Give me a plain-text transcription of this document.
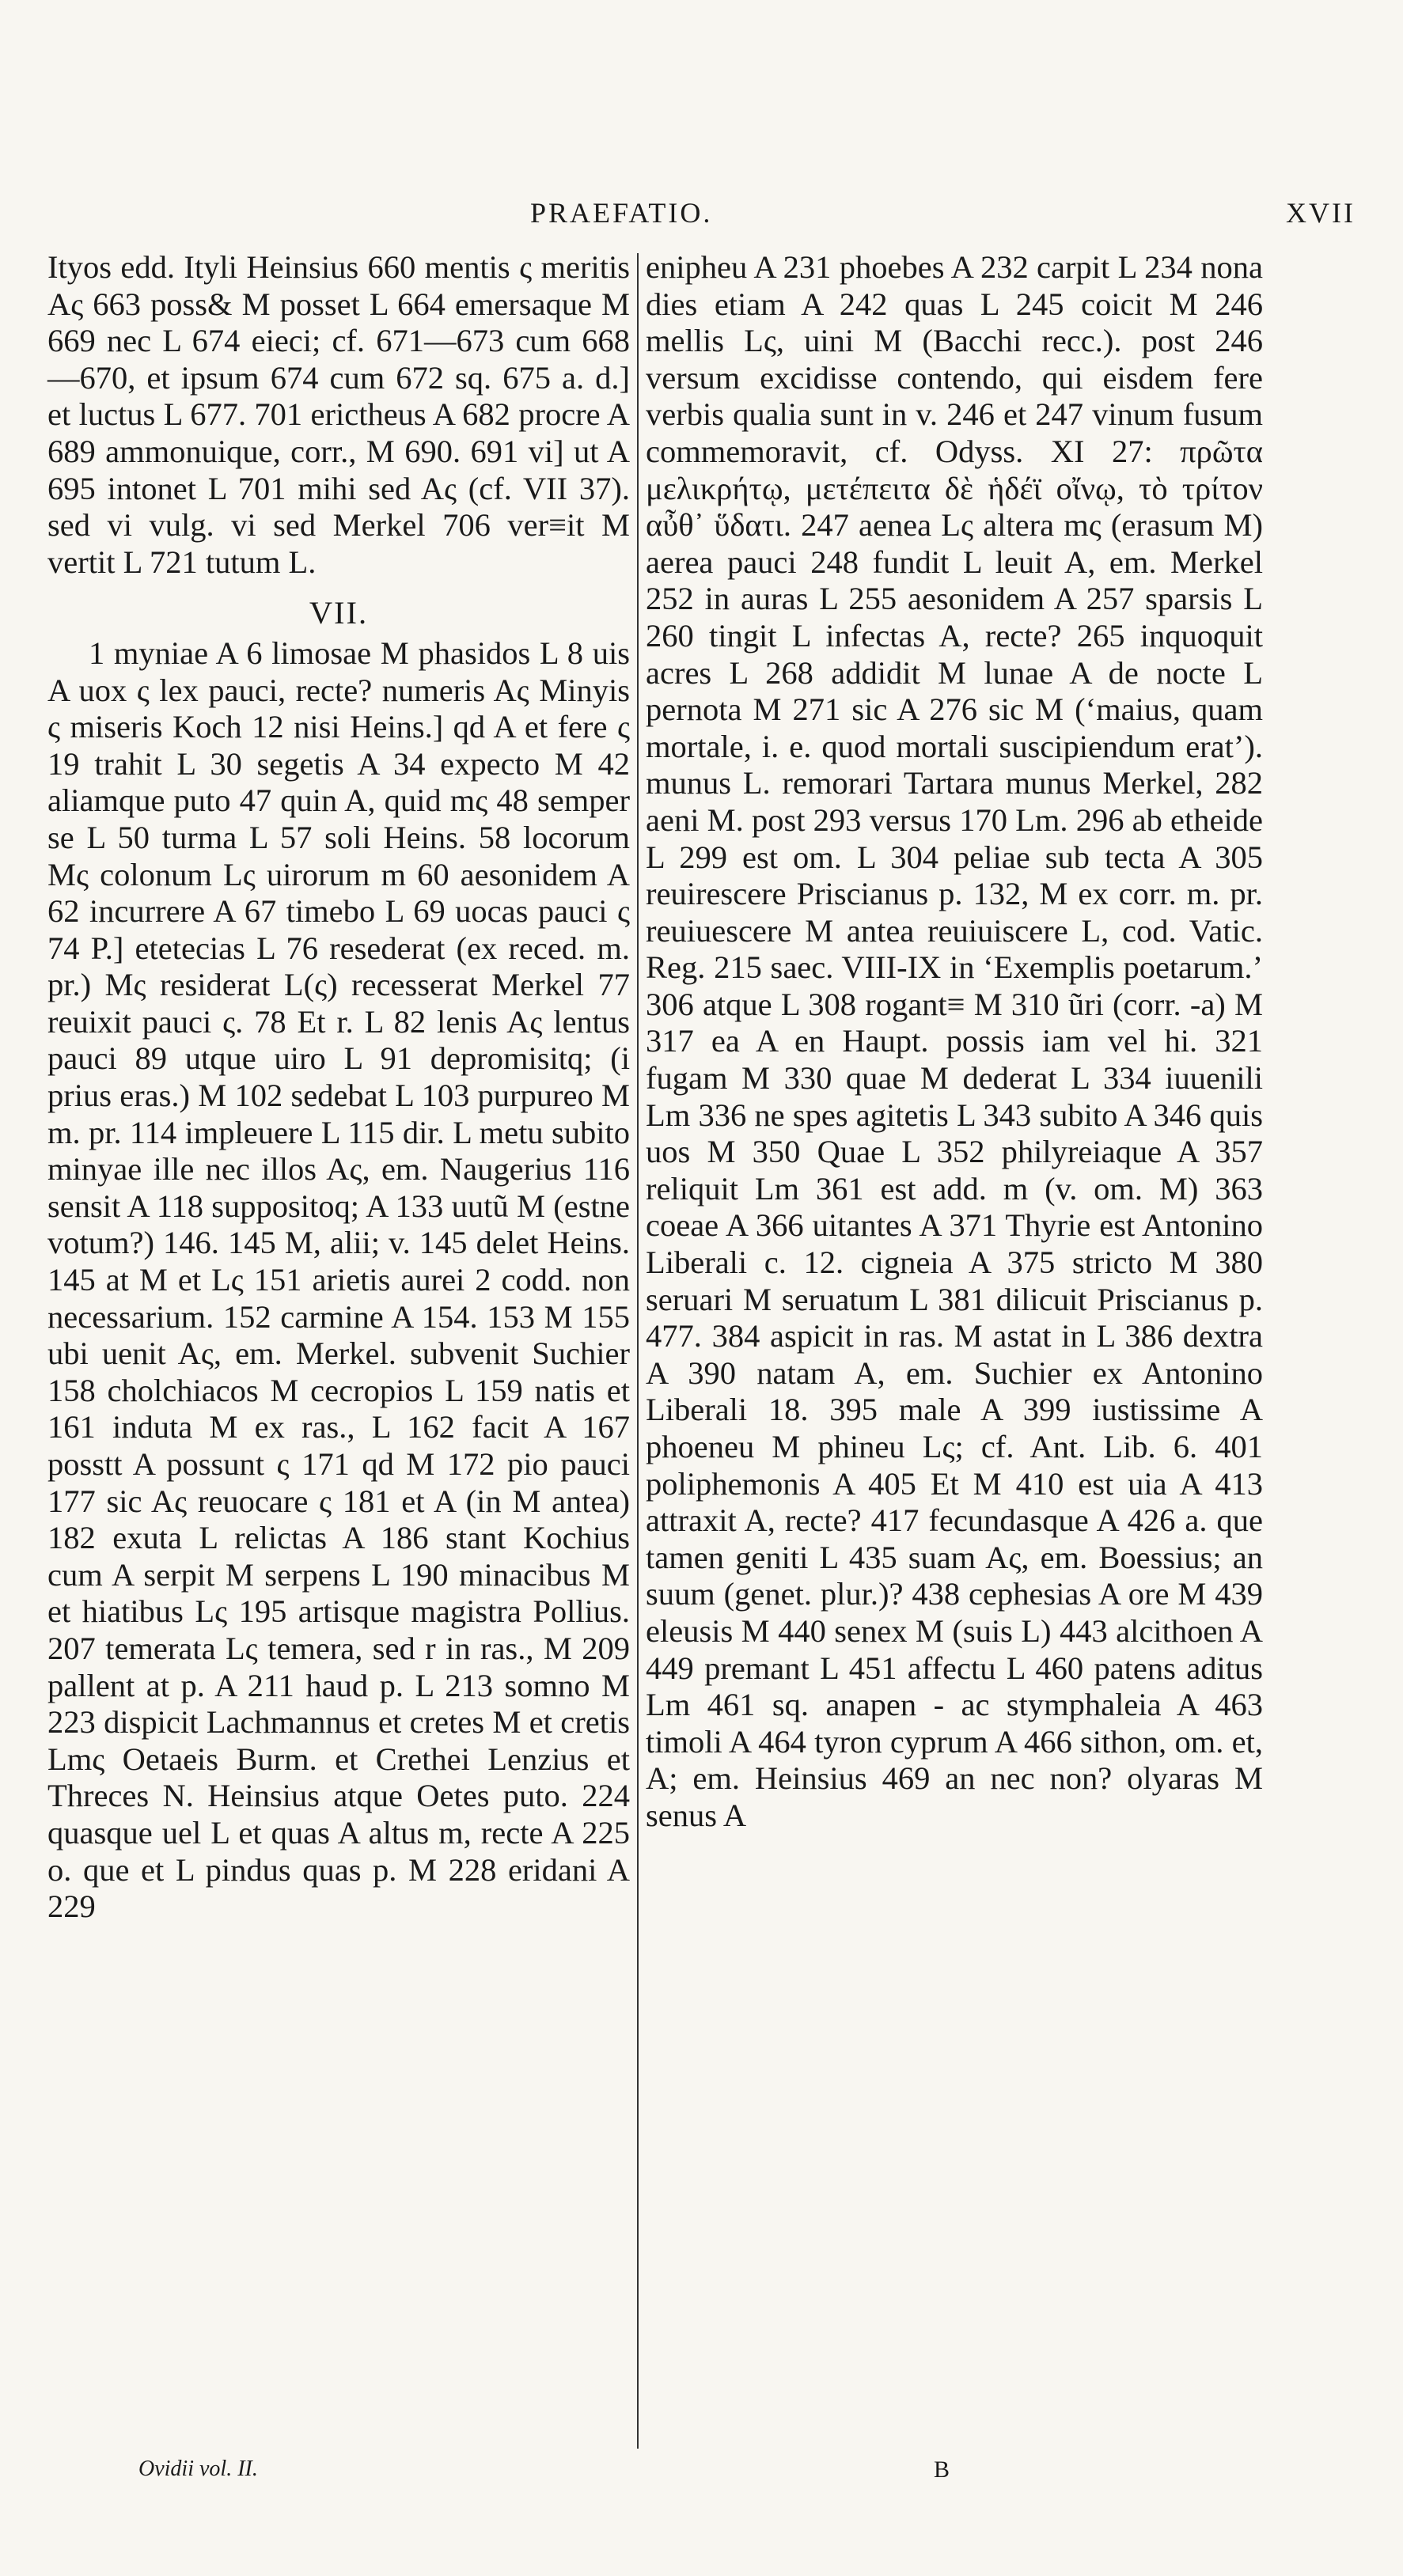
PRAEFATIO.	XVII

Ityos edd. Ityli Heinsius 660 mentis ς meritis Aς 663 poss& M posset L 664 emersaque M 669 nec L 674 eieci; cf. 671—673 cum 668—670, et ipsum 674 cum 672 sq. 675 a. d.] et luctus L 677. 701 erictheus A 682 procre A 689 ammonuique, corr., M 690. 691 vi] ut A 695 intonet L 701 mihi sed Aς (cf. VII 37). sed vi vulg. vi sed Merkel 706 ver≡it M vertit L 721 tutum L.

VII.

1 myniae A 6 limosae M phasidos L 8 uis A uox ς lex pauci, recte? numeris Aς Minyis ς miseris Koch 12 nisi Heins.] qd A et fere ς 19 trahit L 30 segetis A 34 expecto M 42 aliamque puto 47 quin A, quid mς 48 semper se L 50 turma L 57 soli Heins. 58 locorum Mς colonum Lς uirorum m 60 aesonidem A 62 incurrere A 67 timebo L 69 uocas pauci ς 74 P.] etetecias L 76 resederat (ex reced. m. pr.) Mς residerat L(ς) recesserat Merkel 77 reuixit pauci ς. 78 Et r. L 82 lenis Aς lentus pauci 89 utque uiro L 91 depromisitq; (i prius eras.) M 102 sedebat L 103 purpureo M m. pr. 114 impleuere L 115 dir. L metu subito minyae ille nec illos Aς, em. Naugerius 116 sensit A 118 suppositoq; A 133 uutũ M (estne votum?) 146. 145 M, alii; v. 145 delet Heins. 145 at M et Lς 151 arietis aurei 2 codd. non necessarium. 152 carmine A 154. 153 M 155 ubi uenit Aς, em. Merkel. subvenit Suchier 158 cholchiacos M cecropios L 159 natis et 161 induta M ex ras., L 162 facit A 167 posstt A possunt ς 171 qd M 172 pio pauci 177 sic Aς reuocare ς 181 et A (in M antea) 182 exuta L relictas A 186 stant Kochius cum A serpit M serpens L 190 minacibus M et hiatibus Lς 195 artisque magistra Pollius. 207 temerata Lς temera, sed r in ras., M 209 pallent at p. A 211 haud p. L 213 somno M 223 dispicit Lachmannus et cretes M et cretis Lmς Oetaeis Burm. et Crethei Lenzius et Threces N. Heinsius atque Oetes puto. 224 quasque uel L et quas A altus m, recte A 225 o. que et L pindus quas p. M 228 eridani A 229

enipheu A 231 phoebes A 232 carpit L 234 nona dies etiam A 242 quas L 245 coicit M 246 mellis Lς, uini M (Bacchi recc.). post 246 versum excidisse contendo, qui eisdem fere verbis qualia sunt in v. 246 et 247 vinum fusum commemoravit, cf. Odyss. XI 27: πρῶτα μελικρήτῳ, μετέπειτα δὲ ἡδέϊ οἴνῳ, τὸ τρίτον αὖθ᾽ ὕδατι. 247 aenea Lς altera mς (erasum M) aerea pauci 248 fundit L leuit A, em. Merkel 252 in auras L 255 aesonidem A 257 sparsis L 260 tingit L infectas A, recte? 265 inquoquit acres L 268 addidit M lunae A de nocte L pernota M 271 sic A 276 sic M (‘maius, quam mortale, i. e. quod mortali suscipiendum erat’). munus L. remorari Tartara munus Merkel, 282 aeni M. post 293 versus 170 Lm. 296 ab etheide L 299 est om. L 304 peliae sub tecta A 305 reuirescere Priscianus p. 132, M ex corr. m. pr. reuiuescere M antea reuiuiscere L, cod. Vatic. Reg. 215 saec. VIII-IX in ‘Exemplis poetarum.’ 306 atque L 308 rogant≡ M 310 ũri (corr. -a) M 317 ea A en Haupt. possis iam vel hi. 321 fugam M 330 quae M dederat L 334 iuuenili Lm 336 ne spes agitetis L 343 subito A 346 quis uos M 350 Quae L 352 philyreiaque A 357 reliquit Lm 361 est add. m (v. om. M) 363 coeae A 366 uitantes A 371 Thyrie est Antonino Liberali c. 12. cigneia A 375 stricto M 380 seruari M seruatum L 381 dilicuit Priscianus p. 477. 384 aspicit in ras. M astat in L 386 dextra A 390 natam A, em. Suchier ex Antonino Liberali 18. 395 male A 399 iustissime A phoeneu M phineu Lς; cf. Ant. Lib. 6. 401 poliphemonis A 405 Et M 410 est uia A 413 attraxit A, recte? 417 fecundasque A 426 a. que tamen geniti L 435 suam Aς, em. Boessius; an suum (genet. plur.)? 438 cephesias A ore M 439 eleusis M 440 senex M (suis L) 443 alcithoen A 449 premant L 451 affectu L 460 patens aditus Lm 461 sq. anapen - ac stymphaleia A 463 timoli A 464 tyron cyprum A 466 sithon, om. et, A; em. Heinsius 469 an nec non? olyaras M senus A

Ovidii vol. II.	B
